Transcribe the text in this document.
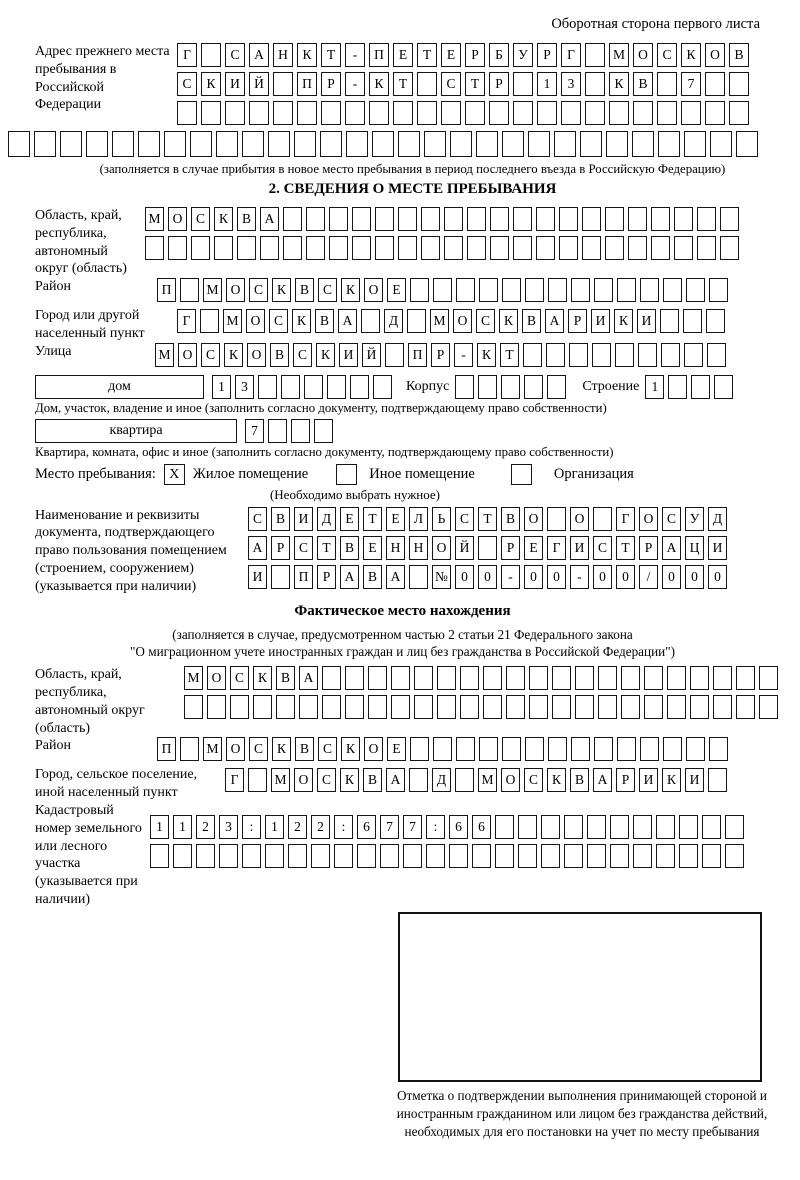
Оборотная сторона первого листа
Адрес прежнего места пребывания в Российской Федерации
Г	С	А	Н	К	Т	-	П	Е	Т	Е	Р	Б	У	Р	Г	М О	С	К	О	В
С	К	И	Й	П	Р	-	К	Т	С	Т	Р	1	3	К	В	7
(заполняется в случае прибытия в новое место пребывания в период последнего въезда в Российскую Федерацию)
2. СВЕДЕНИЯ О МЕСТЕ ПРЕБЫВАНИЯ
Область, край, республика, автономный округ (область)
М О	С	К	В	А
Район	П	М О	С	К	В	С	К	О	Е
Город или другой населенный пункт
Г	М О	С	К	В	А	Д	М О	С	К	В	А	Р	И	К	И
Улица	М О	С	К	О	В	С	К	И Й	П	Р	-	К	Т
дом	1	3	Корпус	Строение 1
Дом, участок, владение и иное (заполнить согласно документу, подтверждающему право собственности)
квартира	7
Квартира, комната, офис и иное (заполнить согласно документу, подтверждающему право собственности)
Место пребывания: X Жилое помещение	Иное помещение	Организация
(Необходимо выбрать нужное)
Наименование и реквизиты документа, подтверждающего право пользования помещением (строением, сооружением) (указывается при наличии)
С	В	И	Д	Е	Т	Е	Л	Ь	С	Т	В	О	О	Г	О	С	У	Д
А	Р	С	Т	В	Е	Н Н О Й	Р	Е	Г	И	С	Т	Р	А Ц И
И	П	Р	А	В	А	№ 0	0	-	0	0	-	0	0	/	0	0	0
Фактическое место нахождения
(заполняется в случае, предусмотренном частью 2 статьи 21 Федерального закона
"О миграционном учете иностранных граждан и лиц без гражданства в Российской Федерации")
Область, край, республика, автономный округ (область)
М О	С	К	В	А
Район	П	М О	С	К	В	С	К	О	Е
Город, сельское поселение, иной населенный пункт
Г	М О	С	К	В	А	Д	М О	С	К	В	А	Р	И	К	И
Кадастровый номер земельного или лесного участка (указывается при наличии)
1	1	2	3	:	1	2	2	:	6	7	7	:	6	6
Отметка о подтверждении выполнения принимающей стороной и иностранным гражданином или лицом без гражданства действий, необходимых для его постановки на учет по месту пребывания
